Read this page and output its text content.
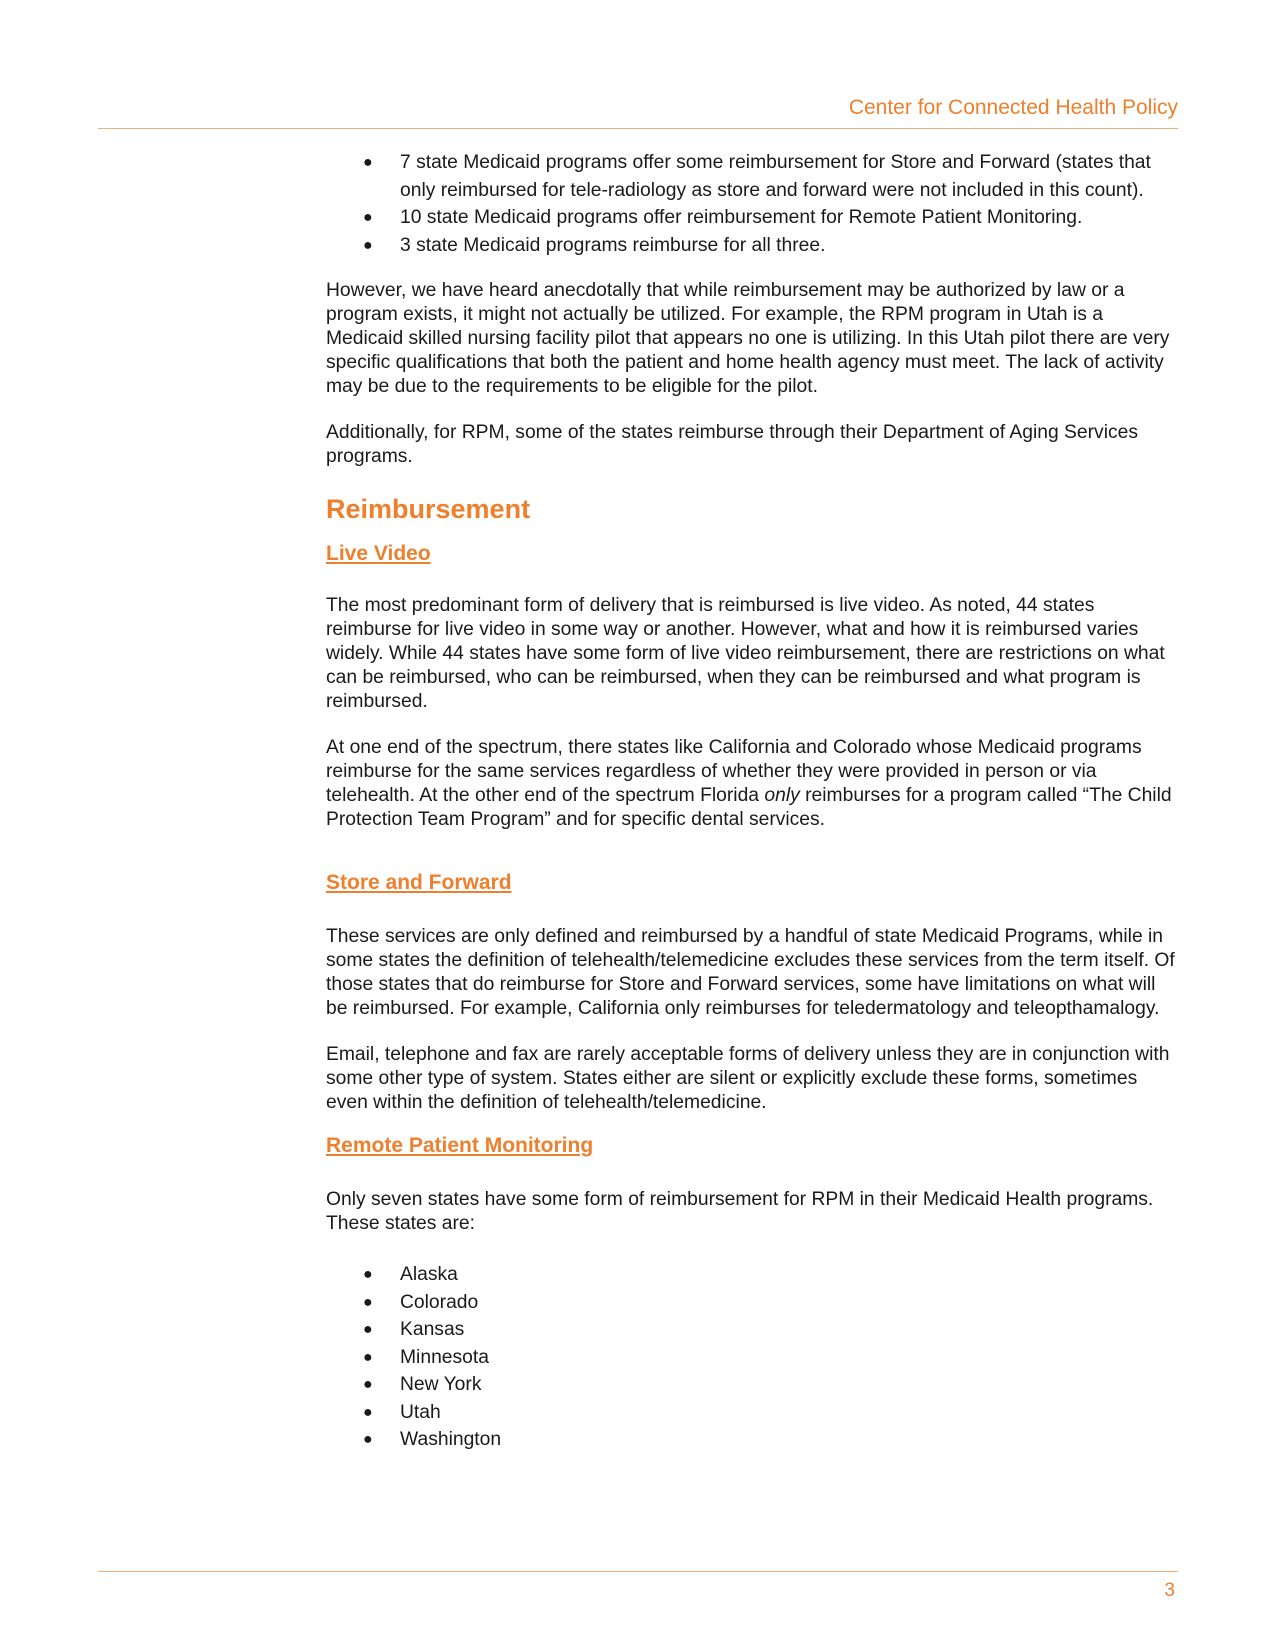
Center for Connected Health Policy
● 7 state Medicaid programs offer some reimbursement for Store and Forward (states that only reimbursed for tele-radiology as store and forward were not included in this count).
● 10 state Medicaid programs offer reimbursement for Remote Patient Monitoring.
● 3 state Medicaid programs reimburse for all three.

However, we have heard anecdotally that while reimbursement may be authorized by law or a program exists, it might not actually be utilized. For example, the RPM program in Utah is a Medicaid skilled nursing facility pilot that appears no one is utilizing. In this Utah pilot there are very specific qualifications that both the patient and home health agency must meet. The lack of activity may be due to the requirements to be eligible for the pilot.

Additionally, for RPM, some of the states reimburse through their Department of Aging Services programs.

Reimbursement
Live Video

The most predominant form of delivery that is reimbursed is live video. As noted, 44 states reimburse for live video in some way or another. However, what and how it is reimbursed varies widely. While 44 states have some form of live video reimbursement, there are restrictions on what can be reimbursed, who can be reimbursed, when they can be reimbursed and what program is reimbursed.

At one end of the spectrum, there states like California and Colorado whose Medicaid programs reimburse for the same services regardless of whether they were provided in person or via telehealth. At the other end of the spectrum Florida only reimburses for a program called “The Child Protection Team Program” and for specific dental services.

Store and Forward

These services are only defined and reimbursed by a handful of state Medicaid Programs, while in some states the definition of telehealth/telemedicine excludes these services from the term itself. Of those states that do reimburse for Store and Forward services, some have limitations on what will be reimbursed. For example, California only reimburses for teledermatology and teleopthamalogy.

Email, telephone and fax are rarely acceptable forms of delivery unless they are in conjunction with some other type of system. States either are silent or explicitly exclude these forms, sometimes even within the definition of telehealth/telemedicine.

Remote Patient Monitoring

Only seven states have some form of reimbursement for RPM in their Medicaid Health programs. These states are:

● Alaska
● Colorado
● Kansas
● Minnesota
● New York
● Utah
● Washington
3
